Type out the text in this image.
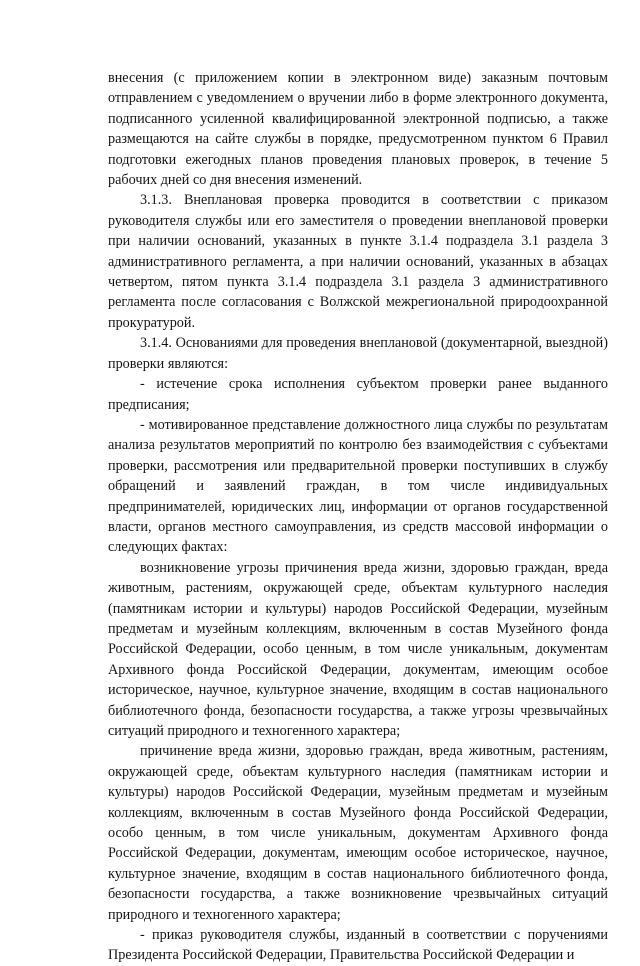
внесения (с приложением копии в электронном виде) заказным почтовым отправлением с уведомлением о вручении либо в форме электронного документа, подписанного усиленной квалифицированной электронной подписью, а также размещаются на сайте службы в порядке, предусмотренном пунктом 6 Правил подготовки ежегодных планов проведения плановых проверок, в течение 5 рабочих дней со дня внесения изменений.

3.1.3. Внеплановая проверка проводится в соответствии с приказом руководителя службы или его заместителя о проведении внеплановой проверки при наличии оснований, указанных в пункте 3.1.4 подраздела 3.1 раздела 3 административного регламента, а при наличии оснований, указанных в абзацах четвертом, пятом пункта 3.1.4 подраздела 3.1 раздела 3 административного регламента после согласования с Волжской межрегиональной природоохранной прокуратурой.

3.1.4. Основаниями для проведения внеплановой (документарной, выездной) проверки являются:

- истечение срока исполнения субъектом проверки ранее выданного предписания;

- мотивированное представление должностного лица службы по результатам анализа результатов мероприятий по контролю без взаимодействия с субъектами проверки, рассмотрения или предварительной проверки поступивших в службу обращений и заявлений граждан, в том числе индивидуальных предпринимателей, юридических лиц, информации от органов государственной власти, органов местного самоуправления, из средств массовой информации о следующих фактах:

возникновение угрозы причинения вреда жизни, здоровью граждан, вреда животным, растениям, окружающей среде, объектам культурного наследия (памятникам истории и культуры) народов Российской Федерации, музейным предметам и музейным коллекциям, включенным в состав Музейного фонда Российской Федерации, особо ценным, в том числе уникальным, документам Архивного фонда Российской Федерации, документам, имеющим особое историческое, научное, культурное значение, входящим в состав национального библиотечного фонда, безопасности государства, а также угрозы чрезвычайных ситуаций природного и техногенного характера;

причинение вреда жизни, здоровью граждан, вреда животным, растениям, окружающей среде, объектам культурного наследия (памятникам истории и культуры) народов Российской Федерации, музейным предметам и музейным коллекциям, включенным в состав Музейного фонда Российской Федерации, особо ценным, в том числе уникальным, документам Архивного фонда Российской Федерации, документам, имеющим особое историческое, научное, культурное значение, входящим в состав национального библиотечного фонда, безопасности государства, а также возникновение чрезвычайных ситуаций природного и техногенного характера;

- приказ руководителя службы, изданный в соответствии с поручениями Президента Российской Федерации, Правительства Российской Федерации и
